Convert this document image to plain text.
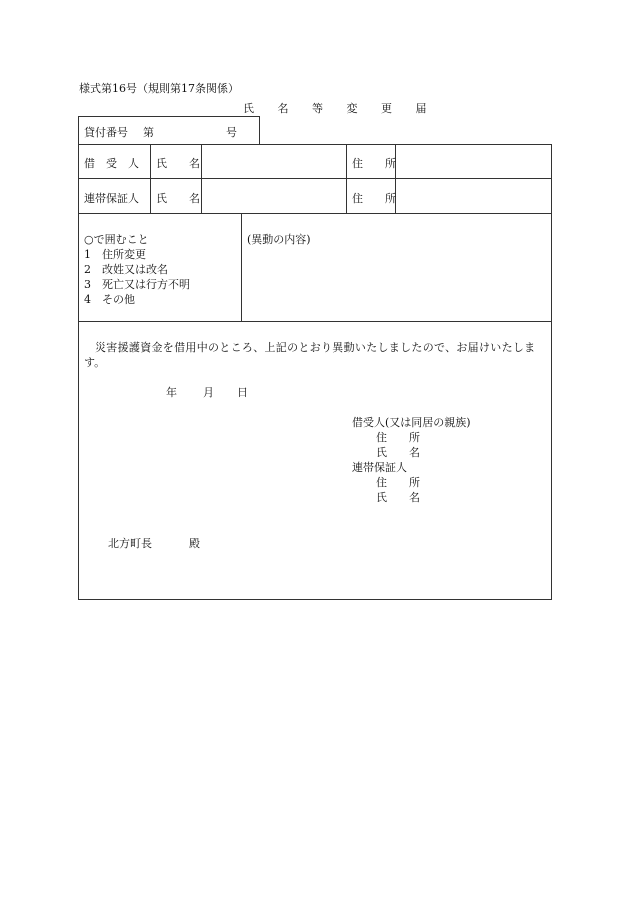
様式第16号（規則第17条関係）
氏 名 等 変 更 届
貸付番号 第	号
借　受　人 氏　　名	住　　所
連帯保証人 氏　　名	住　　所
○で囲むこと
1　住所変更
2　改姓又は改名
3　死亡又は行方不明
4　その他
(異動の内容)
災害援護資金を借用中のところ、上記のとおり異動いたしましたので、お届けいたしま
す。
年 月 日
借受人(又は同居の親族)
住　　所
氏　　名
連帯保証人
住　　所
氏　　名
北方町長	殿
